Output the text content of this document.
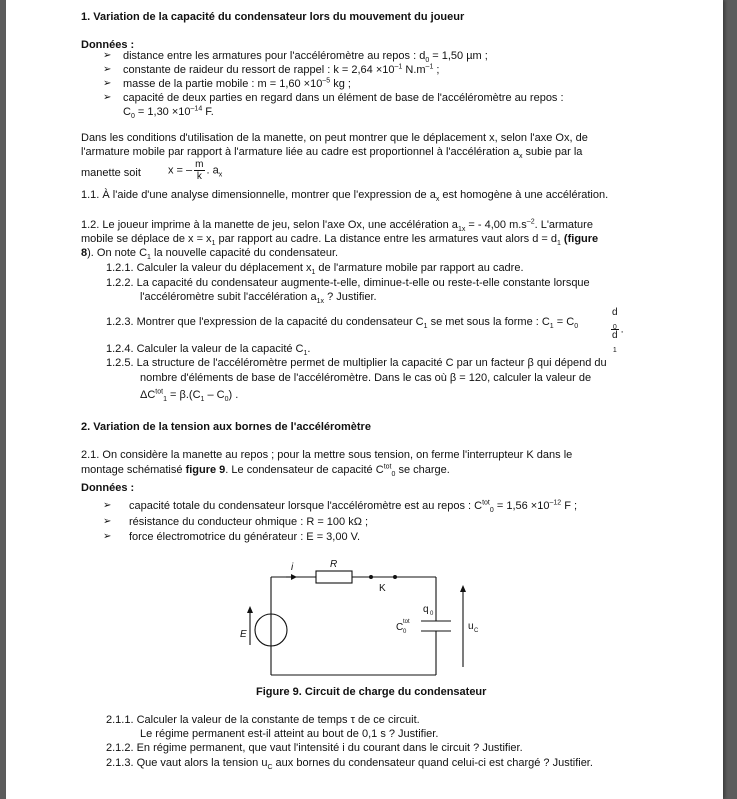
1. Variation de la capacité du condensateur lors du mouvement du joueur
Données :
➢ distance entre les armatures pour l'accéléromètre au repos : $d_0 = 1,50$ µm ;
➢ constante de raideur du ressort de rappel : $k = 2,64 \times 10^{-1}$ $N.m^{-1}$ ;
➢ masse de la partie mobile : $m = 1,60 \times 10^{-5}$ kg ;
➢ capacité de deux parties en regard dans un élément de base de l'accéléromètre au repos :
$C_0 = 1,30 \times 10^{-14}$ F.
Dans les conditions d'utilisation de la manette, on peut montrer que le déplacement x, selon l'axe Ox, de
l'armature mobile par rapport à l'armature liée au cadre est proportionnel à l'accélération $a_x$ subie par la
manette soit x = – $\frac{m}{k}$ . $a_x$
1.1. À l'aide d'une analyse dimensionnelle, montrer que l'expression de $a_x$ est homogène à une accélération.
1.2. Le joueur imprime à la manette de jeu, selon l'axe Ox, une accélération $a_{1x}$ = - 4,00 $m.s^{-2}$. L'armature
mobile se déplace de $x = x_1$ par rapport au cadre. La distance entre les armatures vaut alors $d = d_1$ (figure
8). On note $C_1$ la nouvelle capacité du condensateur.
1.2.1. Calculer la valeur du déplacement $x_1$ de l'armature mobile par rapport au cadre.
1.2.2. La capacité du condensateur augmente-t-elle, diminue-t-elle ou reste-t-elle constante lorsque
l'accéléromètre subit l'accélération $a_{1x}$ ? Justifier.
1.2.3. Montrer que l'expression de la capacité du condensateur $C_1$ se met sous la forme : $C_1 = C_0$	d
$_0$
d
$_1$ .
1.2.4. Calculer la valeur de la capacité $C_1$.
1.2.5. La structure de l'accéléromètre permet de multiplier la capacité C par un facteur β qui dépend du
nombre d'éléments de base de l'accéléromètre. Dans le cas où β = 120, calculer la valeur de
$\Delta C^{tot}_1 = \beta.(C_1 - C_0)$ .
2. Variation de la tension aux bornes de l'accéléromètre
2.1. On considère la manette au repos ; pour la mettre sous tension, on ferme l'interrupteur K dans le
montage schématisé figure 9. Le condensateur de capacité $C^{tot}_0$ se charge.
Données :
➢ capacité totale du condensateur lorsque l'accéléromètre est au repos : $C^{tot}_0 = 1,56 \times 10^{-12}$ F ;
➢ résistance du conducteur ohmique : R = 100 kΩ ;
➢ force électromotrice du générateur : E = 3,00 V.
i	R
K
E
q 0
C tot
0	u C
Figure 9. Circuit de charge du condensateur
2.1.1. Calculer la valeur de la constante de temps τ de ce circuit.
Le régime permanent est-il atteint au bout de 0,1 s ? Justifier.
2.1.2. En régime permanent, que vaut l'intensité i du courant dans le circuit ? Justifier.
2.1.3. Que vaut alors la tension $u_C$ aux bornes du condensateur quand celui-ci est chargé ? Justifier.
